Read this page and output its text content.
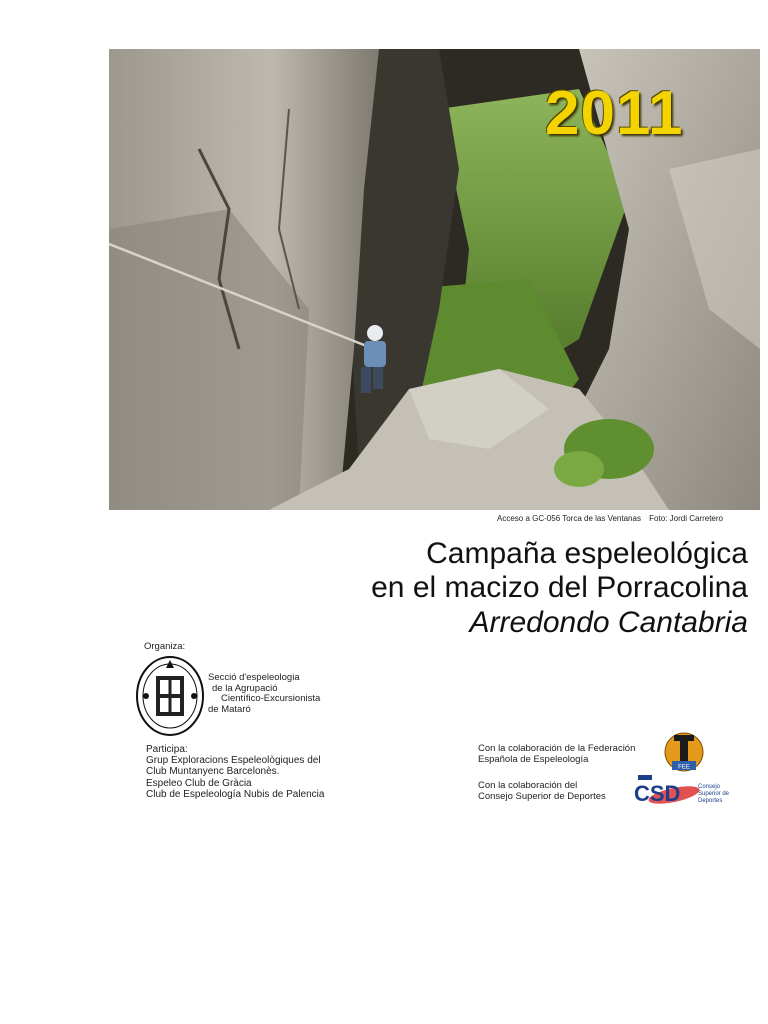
2011
Acceso a GC-056 Torca de las Ventanas Foto: Jordi Carretero
Campaña espeleológica
en el macizo del Porracolina
Arredondo Cantabria
Organiza:
Secció d'espeleologia
de la Agrupació
Científico-Excursionista
de Mataró
Participa:
Grup Exploracions Espeleològiques del
Club Muntanyenc Barcelonès.
Espeleo Club de Gràcia
Club de Espeleología Nubis de Palencia
Con la colaboración de la Federación
Española de Espeleología
FEE
Con la colaboración del
Consejo Superior de Deportes CSD	Consejo
Superior de
Deportes
